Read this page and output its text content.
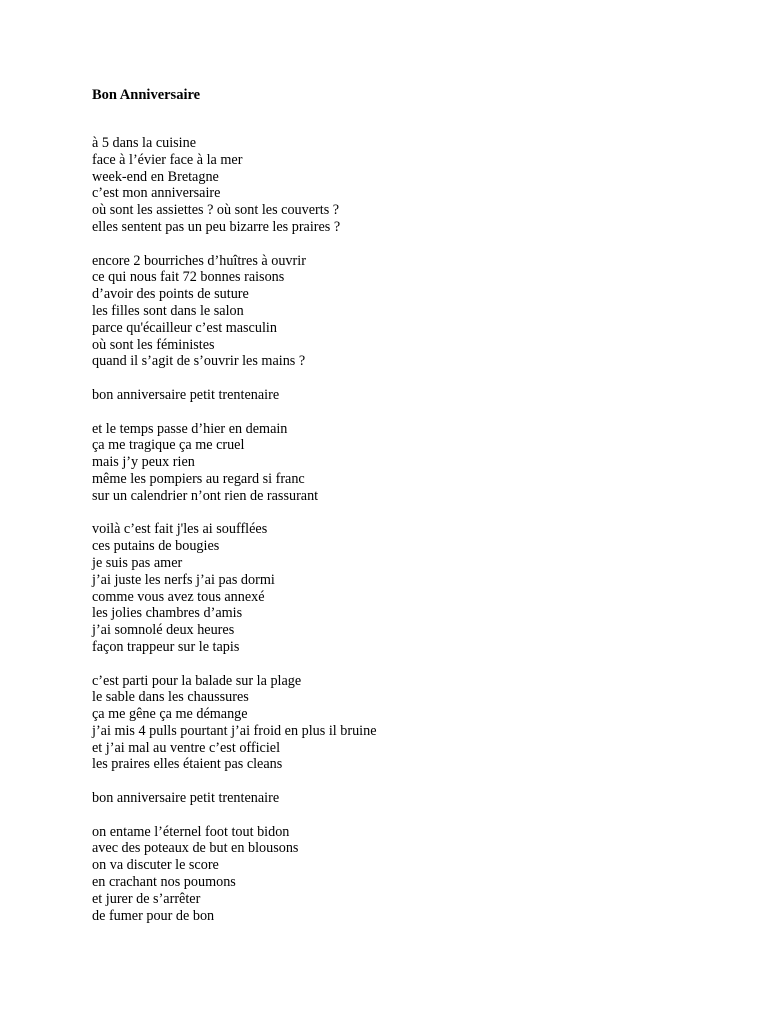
Bon Anniversaire
à 5 dans la cuisine
face à l’évier face à la mer
week-end en Bretagne
c’est mon anniversaire
où sont les assiettes ? où sont les couverts ?
elles sentent pas un peu bizarre les praires ?
encore 2 bourriches d’huîtres à ouvrir
ce qui nous fait 72 bonnes raisons
d’avoir des points de suture
les filles sont dans le salon
parce qu'écailleur c’est masculin
où sont les féministes
quand il s’agit de s’ouvrir les mains ?
bon anniversaire petit trentenaire
et le temps passe d’hier en demain
ça me tragique ça me cruel
mais j’y peux rien
même les pompiers au regard si franc
sur un calendrier n’ont rien de rassurant
voilà c’est fait j'les ai soufflées
ces putains de bougies
je suis pas amer
j’ai juste les nerfs j’ai pas dormi
comme vous avez tous annexé
les jolies chambres d’amis
j’ai somnolé deux heures
façon trappeur sur le tapis
c’est parti pour la balade sur la plage
le sable dans les chaussures
ça me gêne ça me démange
j’ai mis 4 pulls pourtant j’ai froid en plus il bruine
et j’ai mal au ventre c’est officiel
les praires elles étaient pas cleans
bon anniversaire petit trentenaire
on entame l’éternel foot tout bidon
avec des poteaux de but en blousons
on va discuter le score
en crachant nos poumons
et jurer de s’arrêter
de fumer pour de bon
